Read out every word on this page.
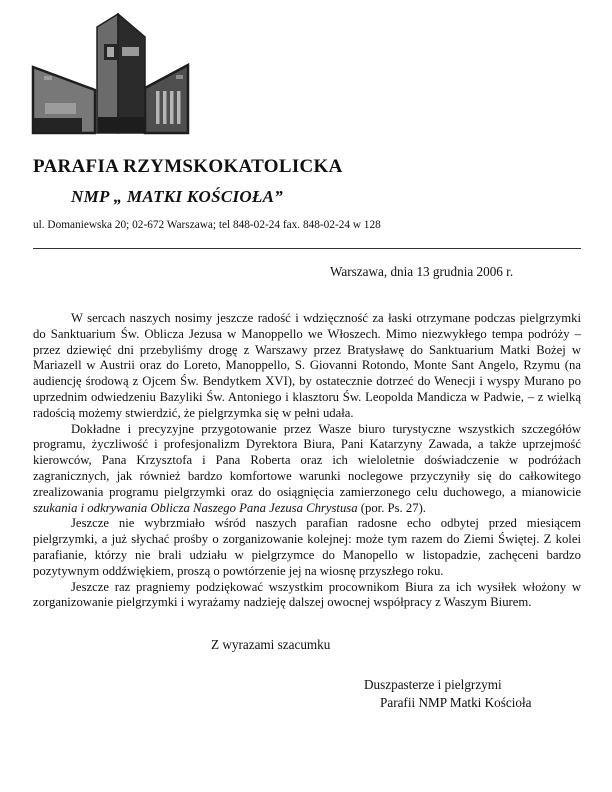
PARAFIA RZYMSKOKATOLICKA
NMP „ MATKI KOŚCIOŁA”
ul. Domaniewska 20; 02-672 Warszawa; tel 848-02-24 fax. 848-02-24 w 128
Warszawa, dnia 13 grudnia 2006 r.

W sercach naszych nosimy jeszcze radość i wdzięczność za łaski otrzymane podczas pielgrzymki do Sanktuarium Św. Oblicza Jezusa w Manoppello we Włoszech. Mimo niezwykłego tempa podróży – przez dziewięć dni przebyliśmy drogę z Warszawy przez Bratysławę do Sanktuarium Matki Bożej w Mariazell w Austrii oraz do Loreto, Manoppello, S. Giovanni Rotondo, Monte Sant Angelo, Rzymu (na audiencję środową z Ojcem Św. Bendytkem XVI), by ostatecznie dotrzeć do Wenecji i wyspy Murano po uprzednim odwiedzeniu Bazyliki Św. Antoniego i klasztoru Św. Leopolda Mandicza w Padwie, – z wielką radością możemy stwierdzić, że pielgrzymka się w pełni udała.

Dokładne i precyzyjne przygotowanie przez Wasze biuro turystyczne wszystkich szczegółów programu, życzliwość i profesjonalizm Dyrektora Biura, Pani Katarzyny Zawada, a także uprzejmość kierowców, Pana Krzysztofa i Pana Roberta oraz ich wieloletnie doświadczenie w podróżach zagranicznych, jak również bardzo komfortowe warunki noclegowe przyczyniły się do całkowitego zrealizowania programu pielgrzymki oraz do osiągnięcia zamierzonego celu duchowego, a mianowicie szukania i odkrywania Oblicza Naszego Pana Jezusa Chrystusa (por. Ps. 27).

Jeszcze nie wybrzmiało wśród naszych parafian radosne echo odbytej przed miesiącem pielgrzymki, a już słychać prośby o zorganizowanie kolejnej: może tym razem do Ziemi Świętej. Z kolei parafianie, którzy nie brali udziału w pielgrzymce do Manopello w listopadzie, zachęceni bardzo pozytywnym oddźwiękiem, proszą o powtórzenie jej na wiosnę przyszłego roku.

Jeszcze raz pragniemy podziękować wszystkim procownikom Biura za ich wysiłek włożony w zorganizowanie pielgrzymki i wyrażamy nadzieję dalszej owocnej współpracy z Waszym Biurem.

Z wyrazami szacumku
Duszpasterze i pielgrzymi
Parafii NMP Matki Kościoła
